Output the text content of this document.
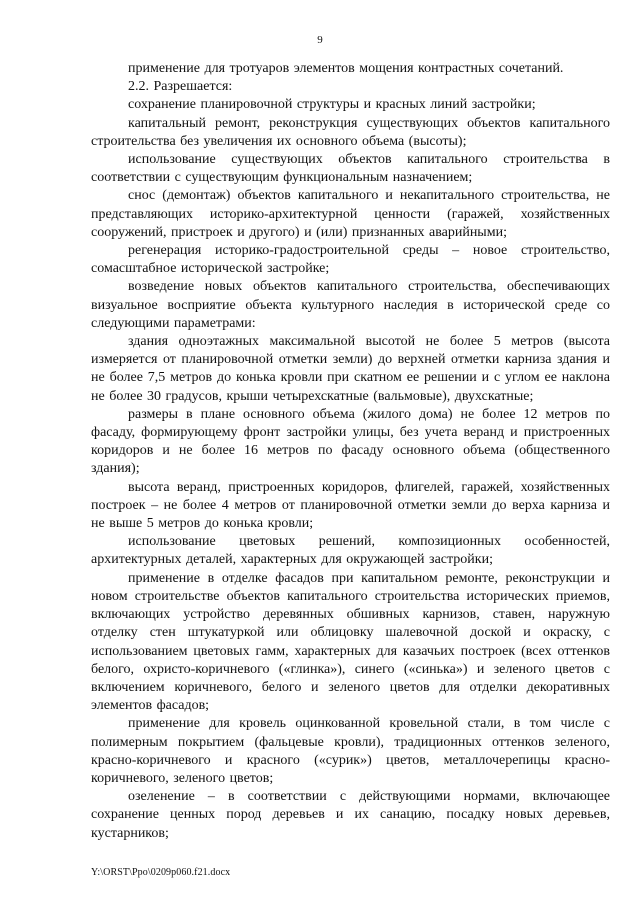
9

применение для тротуаров элементов мощения контрастных сочетаний.

2.2. Разрешается:

сохранение планировочной структуры и красных линий застройки;

капитальный ремонт, реконструкция существующих объектов капитального строительства без увеличения их основного объема (высоты);

использование существующих объектов капитального строительства в соответствии с существующим функциональным назначением;

снос (демонтаж) объектов капитального и некапитального строительства, не представляющих историко-архитектурной ценности (гаражей, хозяйственных сооружений, пристроек и другого) и (или) признанных аварийными;

регенерация историко-градостроительной среды – новое строительство, сомасштабное исторической застройке;

возведение новых объектов капитального строительства, обеспечивающих визуальное восприятие объекта культурного наследия в исторической среде со следующими параметрами:

здания одноэтажных максимальной высотой не более 5 метров (высота измеряется от планировочной отметки земли) до верхней отметки карниза здания и не более 7,5 метров до конька кровли при скатном ее решении и с углом ее наклона не более 30 градусов, крыши четырехскатные (вальмовые), двухскатные;

размеры в плане основного объема (жилого дома) не более 12 метров по фасаду, формирующему фронт застройки улицы, без учета веранд и пристроенных коридоров и не более 16 метров по фасаду основного объема (общественного здания);

высота веранд, пристроенных коридоров, флигелей, гаражей, хозяйственных построек – не более 4 метров от планировочной отметки земли до верха карниза и не выше 5 метров до конька кровли;

использование цветовых решений, композиционных особенностей, архитектурных деталей, характерных для окружающей застройки;

применение в отделке фасадов при капитальном ремонте, реконструкции и новом строительстве объектов капитального строительства исторических приемов, включающих устройство деревянных обшивных карнизов, ставен, наружную отделку стен штукатуркой или облицовку шалевочной доской и окраску, с использованием цветовых гамм, характерных для казачьих построек (всех оттенков белого, охристо-коричневого («глинка»), синего («синька») и зеленого цветов с включением коричневого, белого и зеленого цветов для отделки декоративных элементов фасадов;

применение для кровель оцинкованной кровельной стали, в том числе с полимерным покрытием (фальцевые кровли), традиционных оттенков зеленого, красно-коричневого и красного («сурик») цветов, металлочерепицы красно-коричневого, зеленого цветов;

озеленение – в соответствии с действующими нормами, включающее сохранение ценных пород деревьев и их санацию, посадку новых деревьев, кустарников;

Y:\ORST\Ppo\0209p060.f21.docx
